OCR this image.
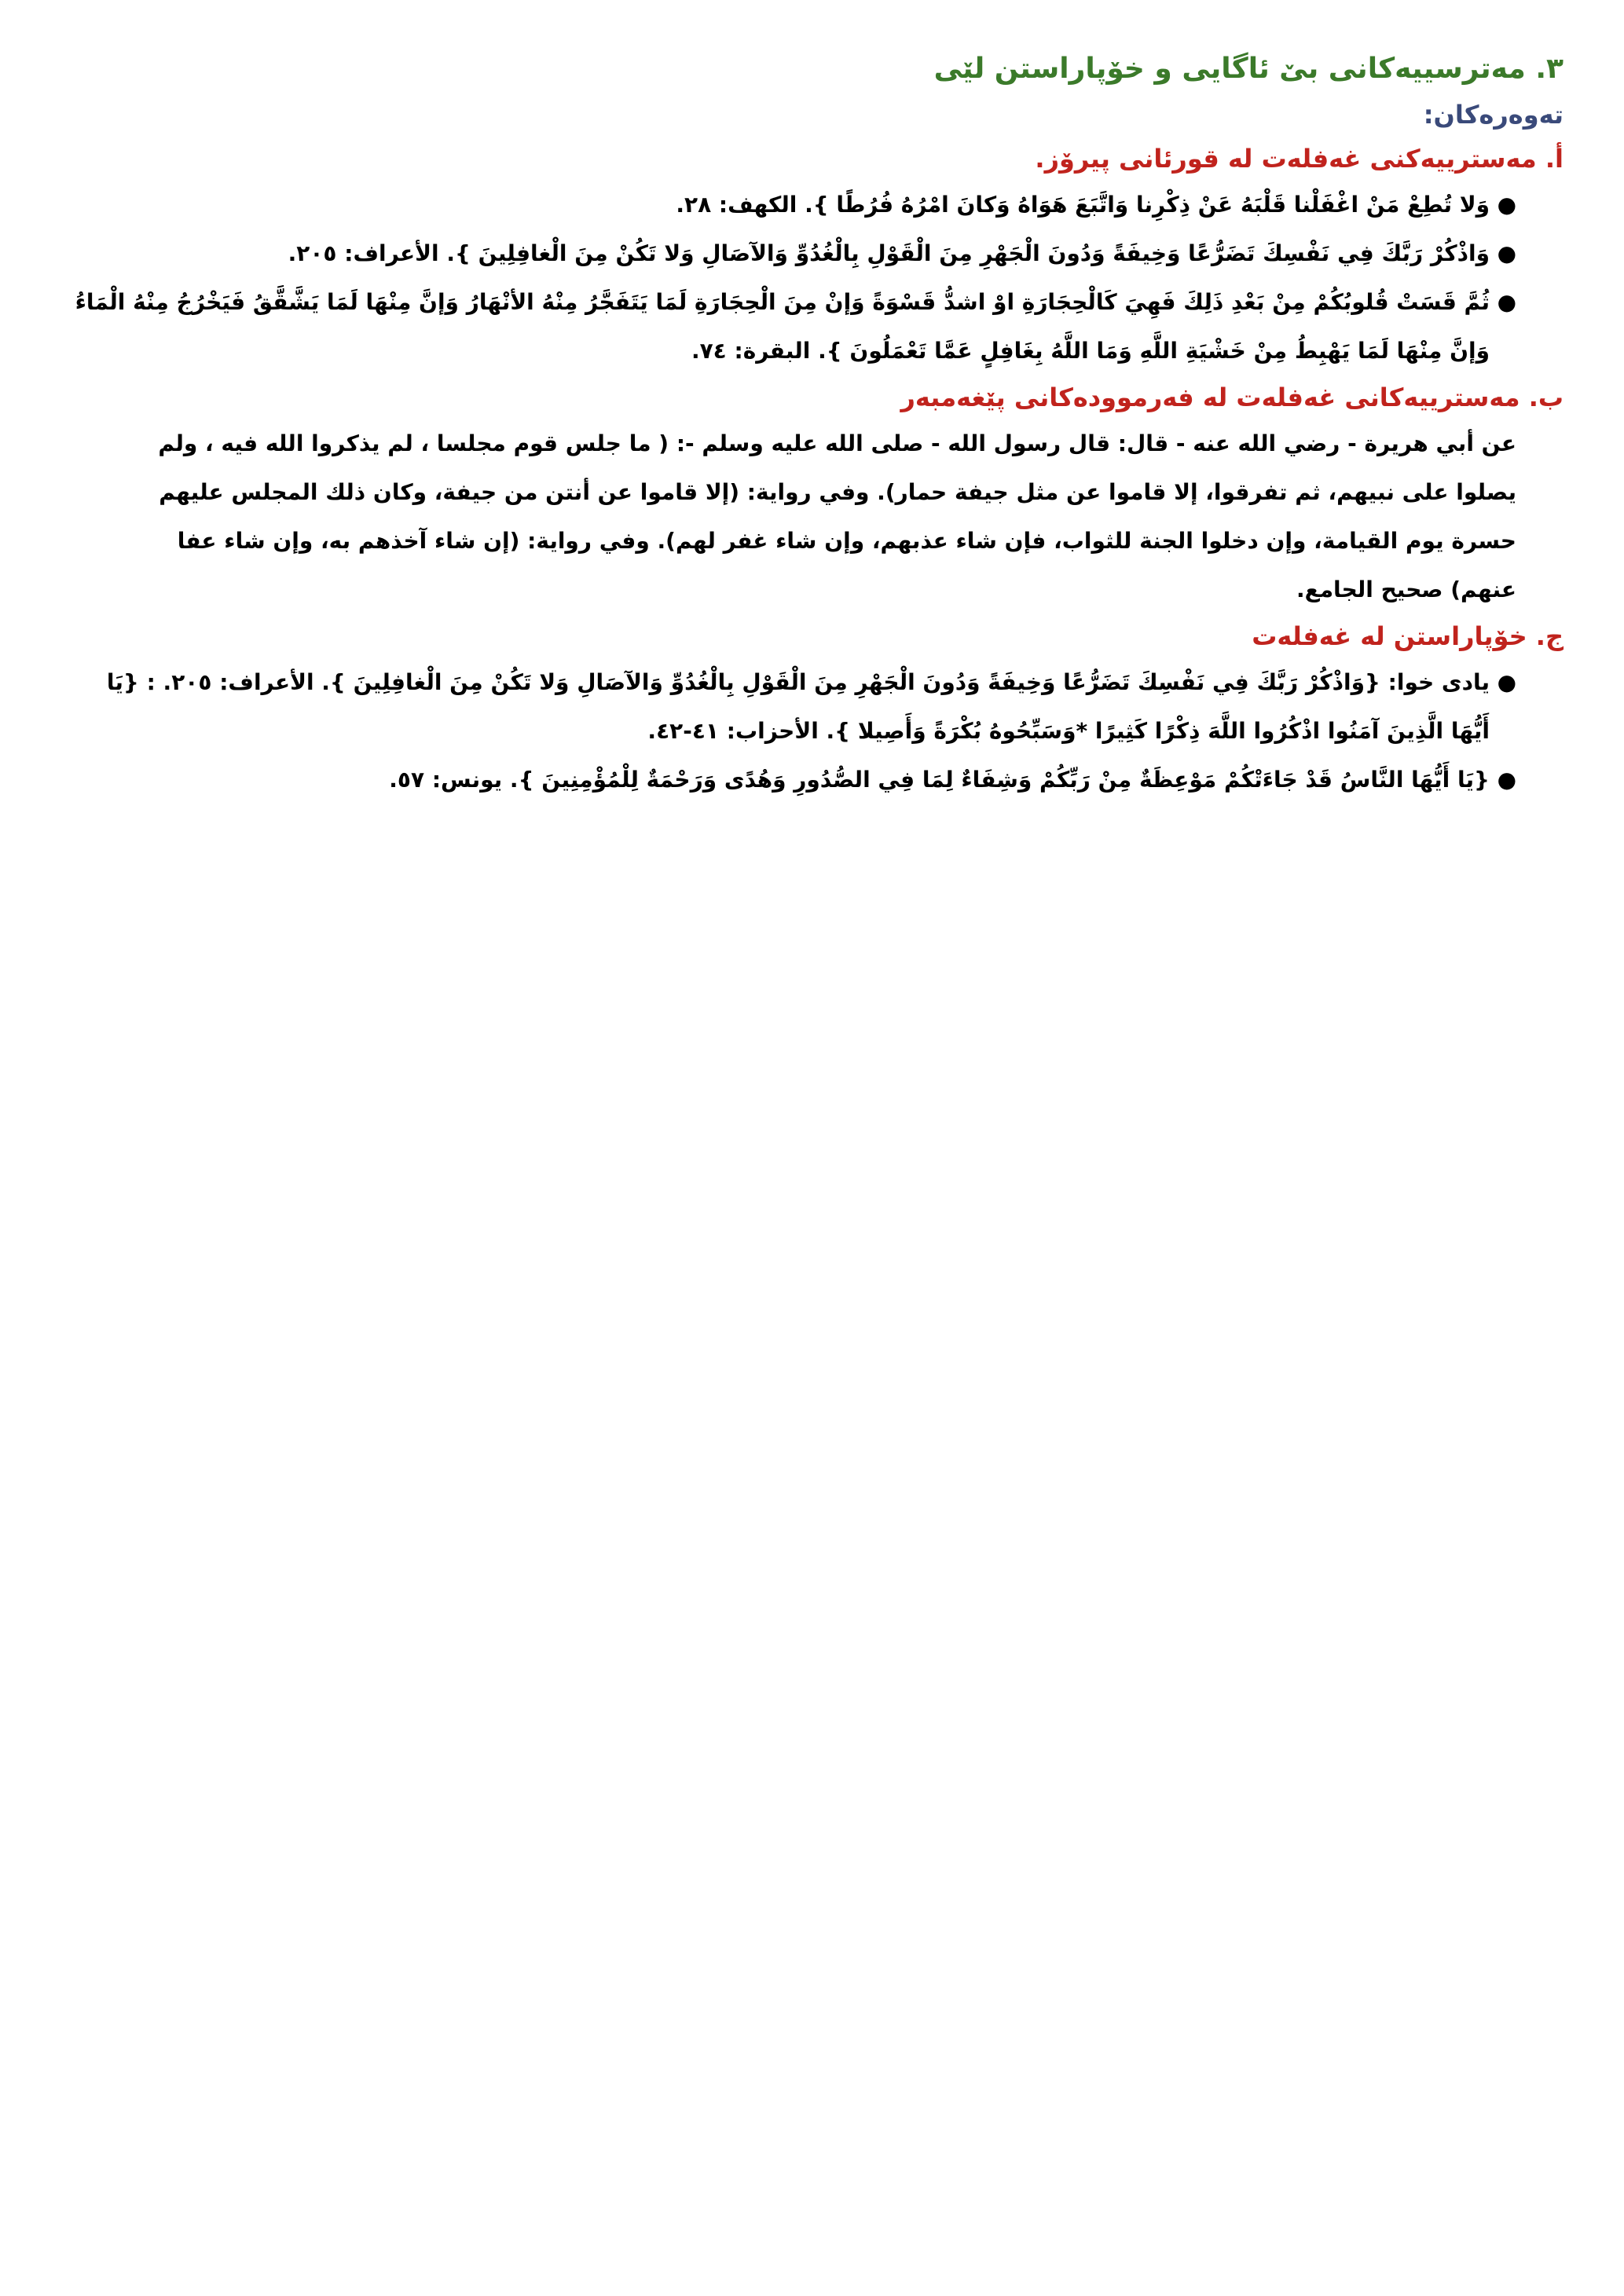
٣. مەترسییەکانی بێ ئاگایی و خۆپاراستن لێی
تەوەرەکان:
أ. مەسترییەکنی غەفلەت لە قورئانی پیرۆز.
●
وَلا تُطِعْ مَنْ اغْفَلْنا قَلْبَهُ عَنْ ذِكْرِنا وَاتَّبَعَ هَوَاهُ وَكانَ امْرُهُ فُرُطًا }. الكهف: ٢٨.
●
وَاذْكُرْ رَبَّكَ فِي نَفْسِكَ تَضَرُّعًا وَخِيفَةً وَدُونَ الْجَهْرِ مِنَ الْقَوْلِ بِالْغُدُوِّ وَالآصَالِ وَلا تَكُنْ مِنَ الْغافِلِينَ }. الأعراف: ٢٠٥.
●
ثُمَّ قَسَتْ قُلوبُكُمْ مِنْ بَعْدِ ذَلِكَ فَهِيَ كَالْحِجَارَةِ اوْ اشدُّ قَسْوَةً وَإنْ مِنَ الْحِجَارَةِ لَمَا يَتَفَجَّرُ مِنْهُ الأنْهَارُ وَإنَّ مِنْهَا لَمَا يَشَّقَّقُ فَيَخْرُجُ مِنْهُ الْمَاءُ وَإنَّ مِنْهَا لَمَا يَهْبِطُ مِنْ خَشْيَةِ اللَّهِ وَمَا اللَّهُ بِغَافِلٍ عَمَّا تَعْمَلُونَ }. البقرة: ٧٤.
ب. مەسترییەکانی غەفلەت لە فەرموودەکانی پێغەمبەر

عن أبي هريرة - رضي الله عنه - قال: قال رسول الله - صلى الله عليه وسلم -: ( ما جلس قوم مجلسا ، لم يذكروا الله فيه ، ولم
يصلوا على نبيهم، ثم تفرقوا، إلا قاموا عن مثل جيفة حمار). وفي رواية: (إلا قاموا عن أنتن من جيفة، وكان ذلك المجلس عليهم
حسرة يوم القيامة، وإن دخلوا الجنة للثواب، فإن شاء عذبهم، وإن شاء غفر لهم). وفي رواية: (إن شاء آخذهم به، وإن شاء عفا
عنهم) صحيح الجامع.

ج. خۆپاراستن لە غەفلەت
●
یادی خوا: {وَاذْكُرْ رَبَّكَ فِي نَفْسِكَ تَضَرُّعًا وَخِيفَةً وَدُونَ الْجَهْرِ مِنَ الْقَوْلِ بِالْغُدُوِّ وَالآصَالِ وَلا تَكُنْ مِنَ الْغافِلِينَ }. الأعراف: ٢٠٥. : {يَا أَيُّهَا الَّذِينَ آمَنُوا اذْكُرُوا اللَّهَ ذِكْرًا كَثِيرًا *وَسَبِّحُوهُ بُكْرَةً وَأَصِيلا }. الأحزاب: ٤١-٤٢.
●
{يَا أَيُّهَا النَّاسُ قَدْ جَاءَتْكُمْ مَوْعِظَةٌ مِنْ رَبِّكُمْ وَشِفَاءٌ لِمَا فِي الصُّدُورِ وَهُدًى وَرَحْمَةٌ لِلْمُؤْمِنِينَ }. يونس: ٥٧.
